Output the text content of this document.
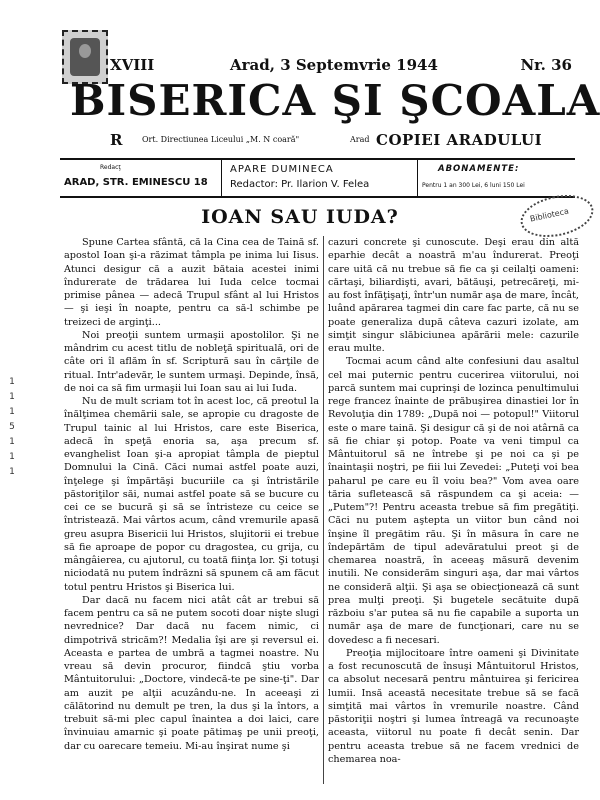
XVIII	Arad, 3 Septemvrie 1944	Nr. 36
BISERICA ŞI ŞCOALA
R Ort. Directiunea Liceului „M. N coară"	Arad COPIEI ARADULUI
Redacţ
ARAD, STR. EMINESCU 18
APARE DUMINECA
Redactor: Pr. Ilarion V. Felea
ABONAMENTE:
Pentru 1 an 300 Lei, 6 luni 150 Lei
Biblioteca
IOAN SAU IUDA?
1
1
1
5
1
1
1

Spune Cartea sfântă, că la Cina cea de Taină sf. apostol Ioan şi-a răzimat tâmpla pe inima lui Iisus. Atunci desigur că a auzit bătaia acestei inimi îndurerate de trădarea lui Iuda celce tocmai primise pânea — adecă Trupul sfânt al lui Hristos — şi ieşi în noapte, pentru ca să-l schimbe pe treizeci de arginţi...

Noi preoţii suntem urmaşii apostolilor. Şi ne mândrim cu acest titlu de nobleţă spirituală, ori de câte ori îl aflăm în sf. Scriptură sau în cărţile de ritual. Intr'adevăr, le suntem urmaşi. Depinde, însă, de noi ca să fim urmaşii lui Ioan sau ai lui Iuda.

Nu de mult scriam tot în acest loc, că preotul la înălţimea chemării sale, se apropie cu dragoste de Trupul tainic al lui Hristos, care este Biserica, adecă în speţă enoria sa, aşa precum sf. evanghelist Ioan şi-a apropiat tâmpla de pieptul Domnului la Cină. Căci numai astfel poate auzi, înţelege şi împărtăşi bucuriile ca şi întristările păstoriţilor săi, numai astfel poate să se bucure cu cei ce se bucură şi să se întristeze cu ceice se întristează. Mai vârtos acum, când vremurile apasă greu asupra Bisericii lui Hristos, slujitorii ei trebue să fie aproape de popor cu dragostea, cu grija, cu mângâierea, cu ajutorul, cu toată fiinţa lor. Şi totuşi niciodată nu putem îndrăzni să spunem că am făcut totul pentru Hristos şi Biserica lui.

Dar dacă nu facem nici atât cât ar trebui să facem pentru ca să ne putem socoti doar nişte slugi nevrednice? Dar dacă nu facem nimic, ci dimpotrivă stricăm?! Medalia îşi are şi reversul ei. Aceasta e partea de umbră a tagmei noastre. Nu vreau să devin procuror, fiindcă ştiu vorba Mântuitorului: „Doctore, vindecă-te pe sine-ţi". Dar am auzit pe alţii acuzându-ne. In aceeaşi zi călătorind nu demult pe tren, la dus şi la întors, a trebuit să-mi plec capul înaintea a doi laici, care învinuiau amarnic şi poate pătimaş pe unii preoţi, dar cu oarecare temeiu. Mi-au înşirat nume şi

cazuri concrete şi cunoscute. Deşi erau din altă eparhie decât a noastră m'au îndurerat. Preoţi care uită că nu trebue să fie ca şi ceilalţi oameni: cărtaşi, biliardişti, avari, bătăuşi, petrecăreţi, mi-au fost înfăţişaţi, într'un număr aşa de mare, încât, luând apărarea tagmei din care fac parte, că nu se poate generaliza după câteva cazuri izolate, am simţit singur slăbiciunea apărării mele: cazurile erau multe.

Tocmai acum când alte confesiuni dau asaltul cel mai puternic pentru cucerirea viitorului, noi parcă suntem mai cuprinşi de lozinca penultimului rege francez înainte de prăbuşirea dinastiei lor în Revoluţia din 1789: „După noi — potopul!" Viitorul este o mare taină. Şi desigur că şi de noi atârnă ca să fie chiar şi potop. Poate va veni timpul ca Mântuitorul să ne întrebe şi pe noi ca şi pe înaintaşii noştri, pe fiii lui Zevedei: „Puteţi voi bea paharul pe care eu îl voiu bea?" Vom avea oare tăria sufletească să răspundem ca şi aceia: — „Putem"?! Pentru aceasta trebue să fim pregătiţi. Căci nu putem aştepta un viitor bun când noi înşine îl pregătim rău. Şi în măsura în care ne îndepărtăm de tipul adevăratului preot şi de chemarea noastră, în aceeaş măsură devenim inutili. Ne considerăm singuri aşa, dar mai vârtos ne consideră alţii. Şi aşa se obiecţionează că sunt prea mulţi preoţi. Şi bugetele secătuite după războiu s'ar putea să nu fie capabile a suporta un număr aşa de mare de funcţionari, care nu se dovedesc a fi necesari.

Preoţia mijlocitoare între oameni şi Divinitate a fost recunoscută de însuşi Mântuitorul Hristos, ca absolut necesară pentru mântuirea şi fericirea lumii. Insă această necesitate trebue să se facă simţită mai vârtos în vremurile noastre. Când păstoriţii noştri şi lumea întreagă va recunoaşte aceasta, viitorul nu poate fi decât senin. Dar pentru aceasta trebue să ne facem vrednici de chemarea noa-
